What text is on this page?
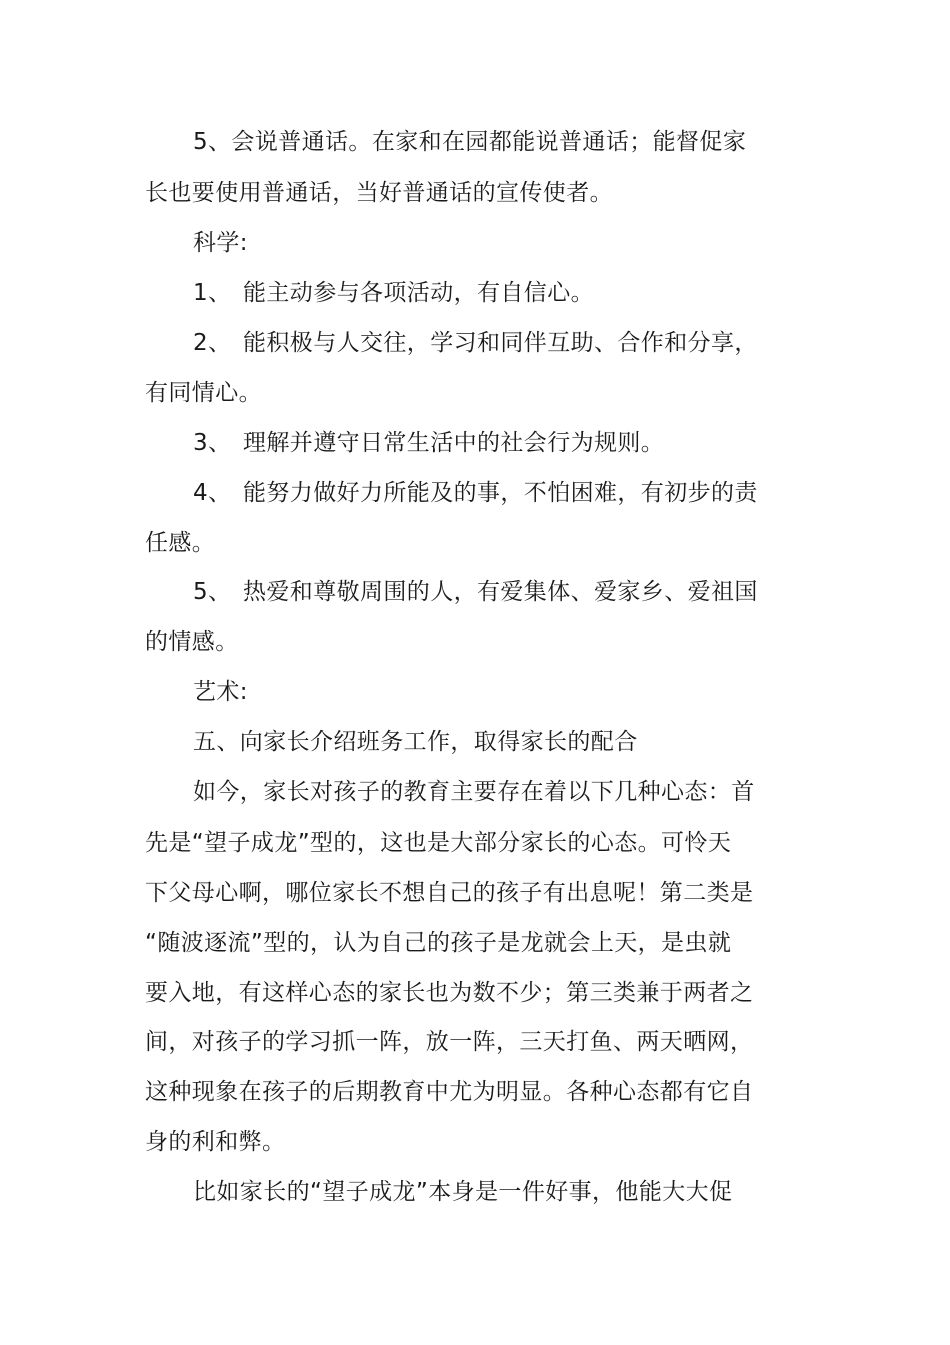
5、会说普通话。在家和在园都能说普通话；能督促家
长也要使用普通话，当好普通话的宣传使者。
科学:
1、 能主动参与各项活动，有自信心。
2、 能积极与人交往，学习和同伴互助、合作和分享，
有同情心。
3、 理解并遵守日常生活中的社会行为规则。
4、 能努力做好力所能及的事，不怕困难，有初步的责
任感。
5、 热爱和尊敬周围的人，有爱集体、爱家乡、爱祖国
的情感。
艺术:
五、向家长介绍班务工作，取得家长的配合
如今，家长对孩子的教育主要存在着以下几种心态：首
先是“望子成龙”型的，这也是大部分家长的心态。可怜天
下父母心啊，哪位家长不想自己的孩子有出息呢！第二类是
“随波逐流”型的，认为自己的孩子是龙就会上天，是虫就
要入地，有这样心态的家长也为数不少；第三类兼于两者之
间，对孩子的学习抓一阵，放一阵，三天打鱼、两天晒网，
这种现象在孩子的后期教育中尤为明显。各种心态都有它自
身的利和弊。
比如家长的“望子成龙”本身是一件好事，他能大大促
